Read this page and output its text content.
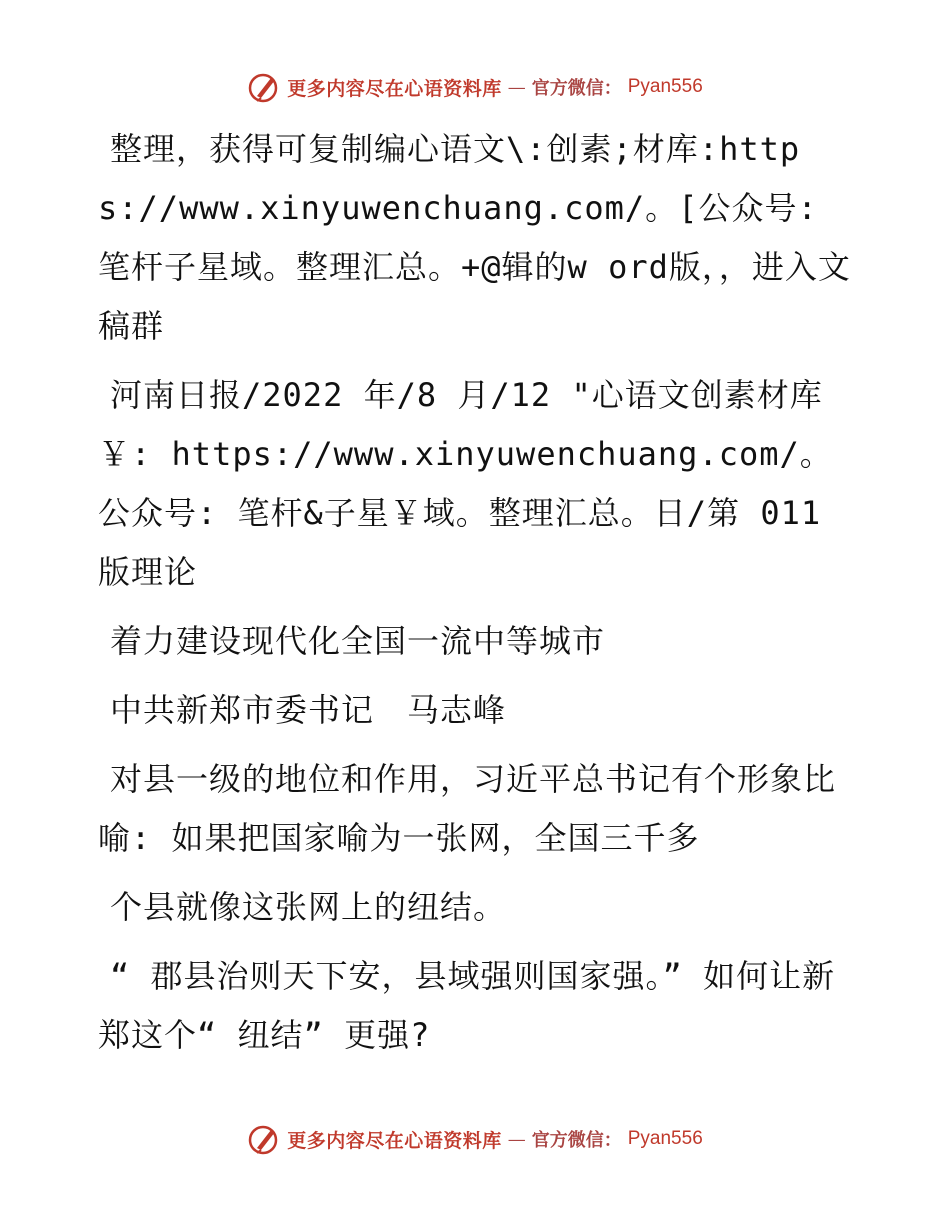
更多内容尽在心语资料库 — 官方微信： Pyan556

整理，获得可复制编心语文\:创素;材库:https://www.xinyuwenchuang.com/。[公众号: 笔杆子星域。整理汇总。+@辑的w ord版，，进入文稿群

河南日报/2022 年/8 月/12 "心语文创素材库￥: https://www.xinyuwenchuang.com/。公众号: 笔杆&子星￥域。整理汇总。日/第 011 版理论

着力建设现代化全国一流中等城市

中共新郑市委书记　马志峰

对县一级的地位和作用，习近平总书记有个形象比喻: 如果把国家喻为一张网，全国三千多

个县就像这张网上的纽结。

“ 郡县治则天下安，县域强则国家强。” 如何让新郑这个“ 纽结” 更强?

更多内容尽在心语资料库 — 官方微信： Pyan556
